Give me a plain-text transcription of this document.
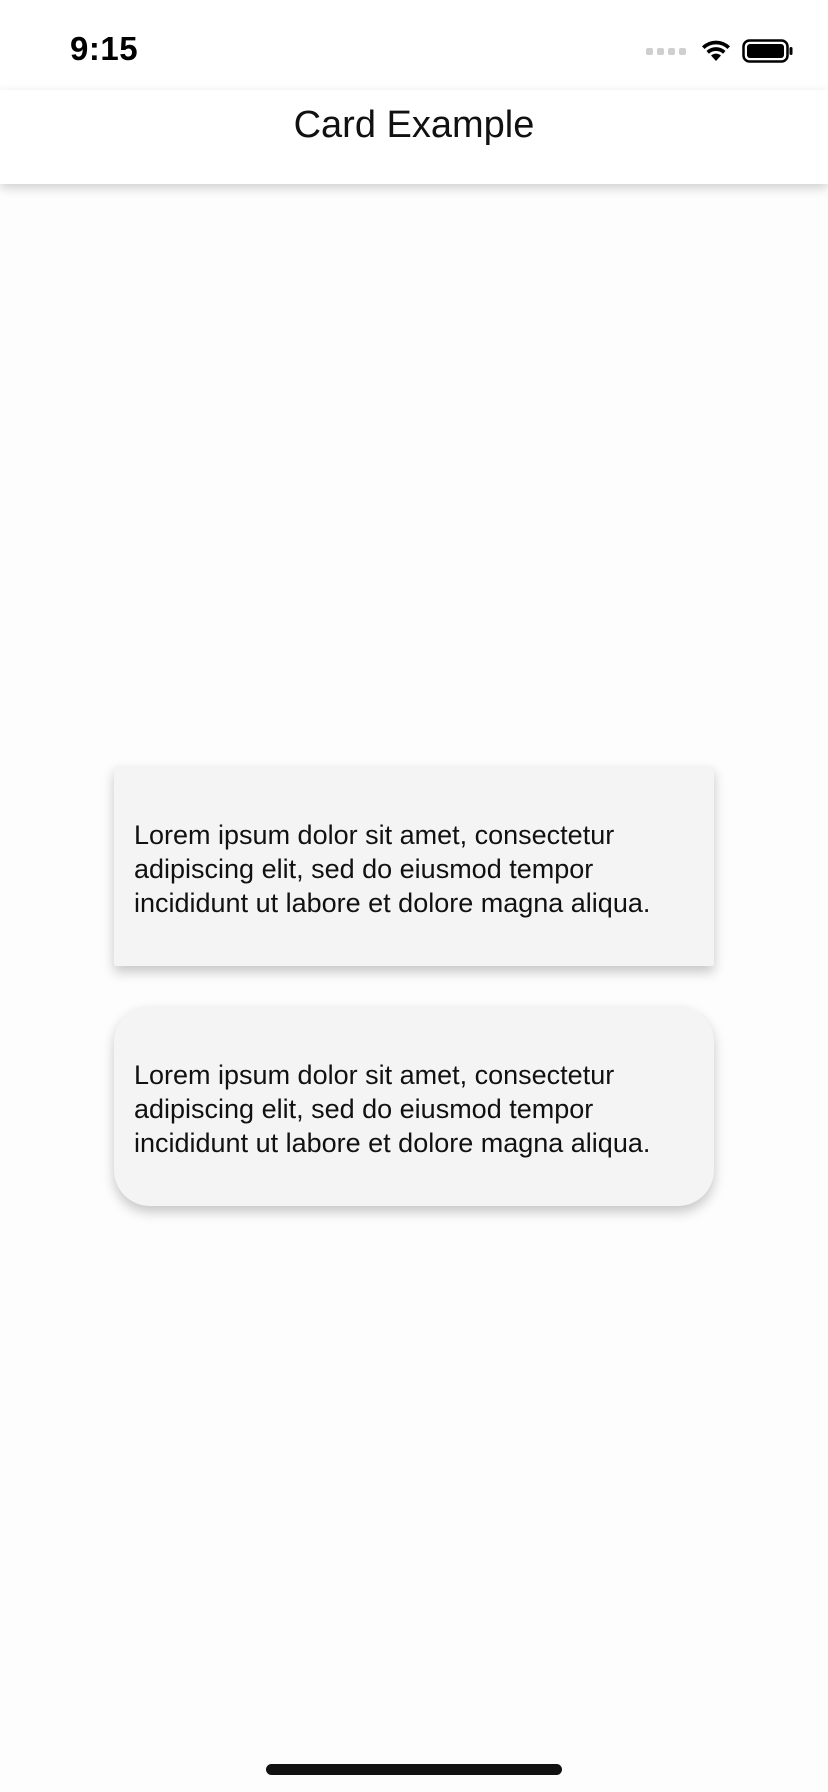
9:15
Card Example
Lorem ipsum dolor sit amet, consectetur adipiscing elit, sed do eiusmod tempor incididunt ut labore et dolore magna aliqua.
Lorem ipsum dolor sit amet, consectetur adipiscing elit, sed do eiusmod tempor incididunt ut labore et dolore magna aliqua.
